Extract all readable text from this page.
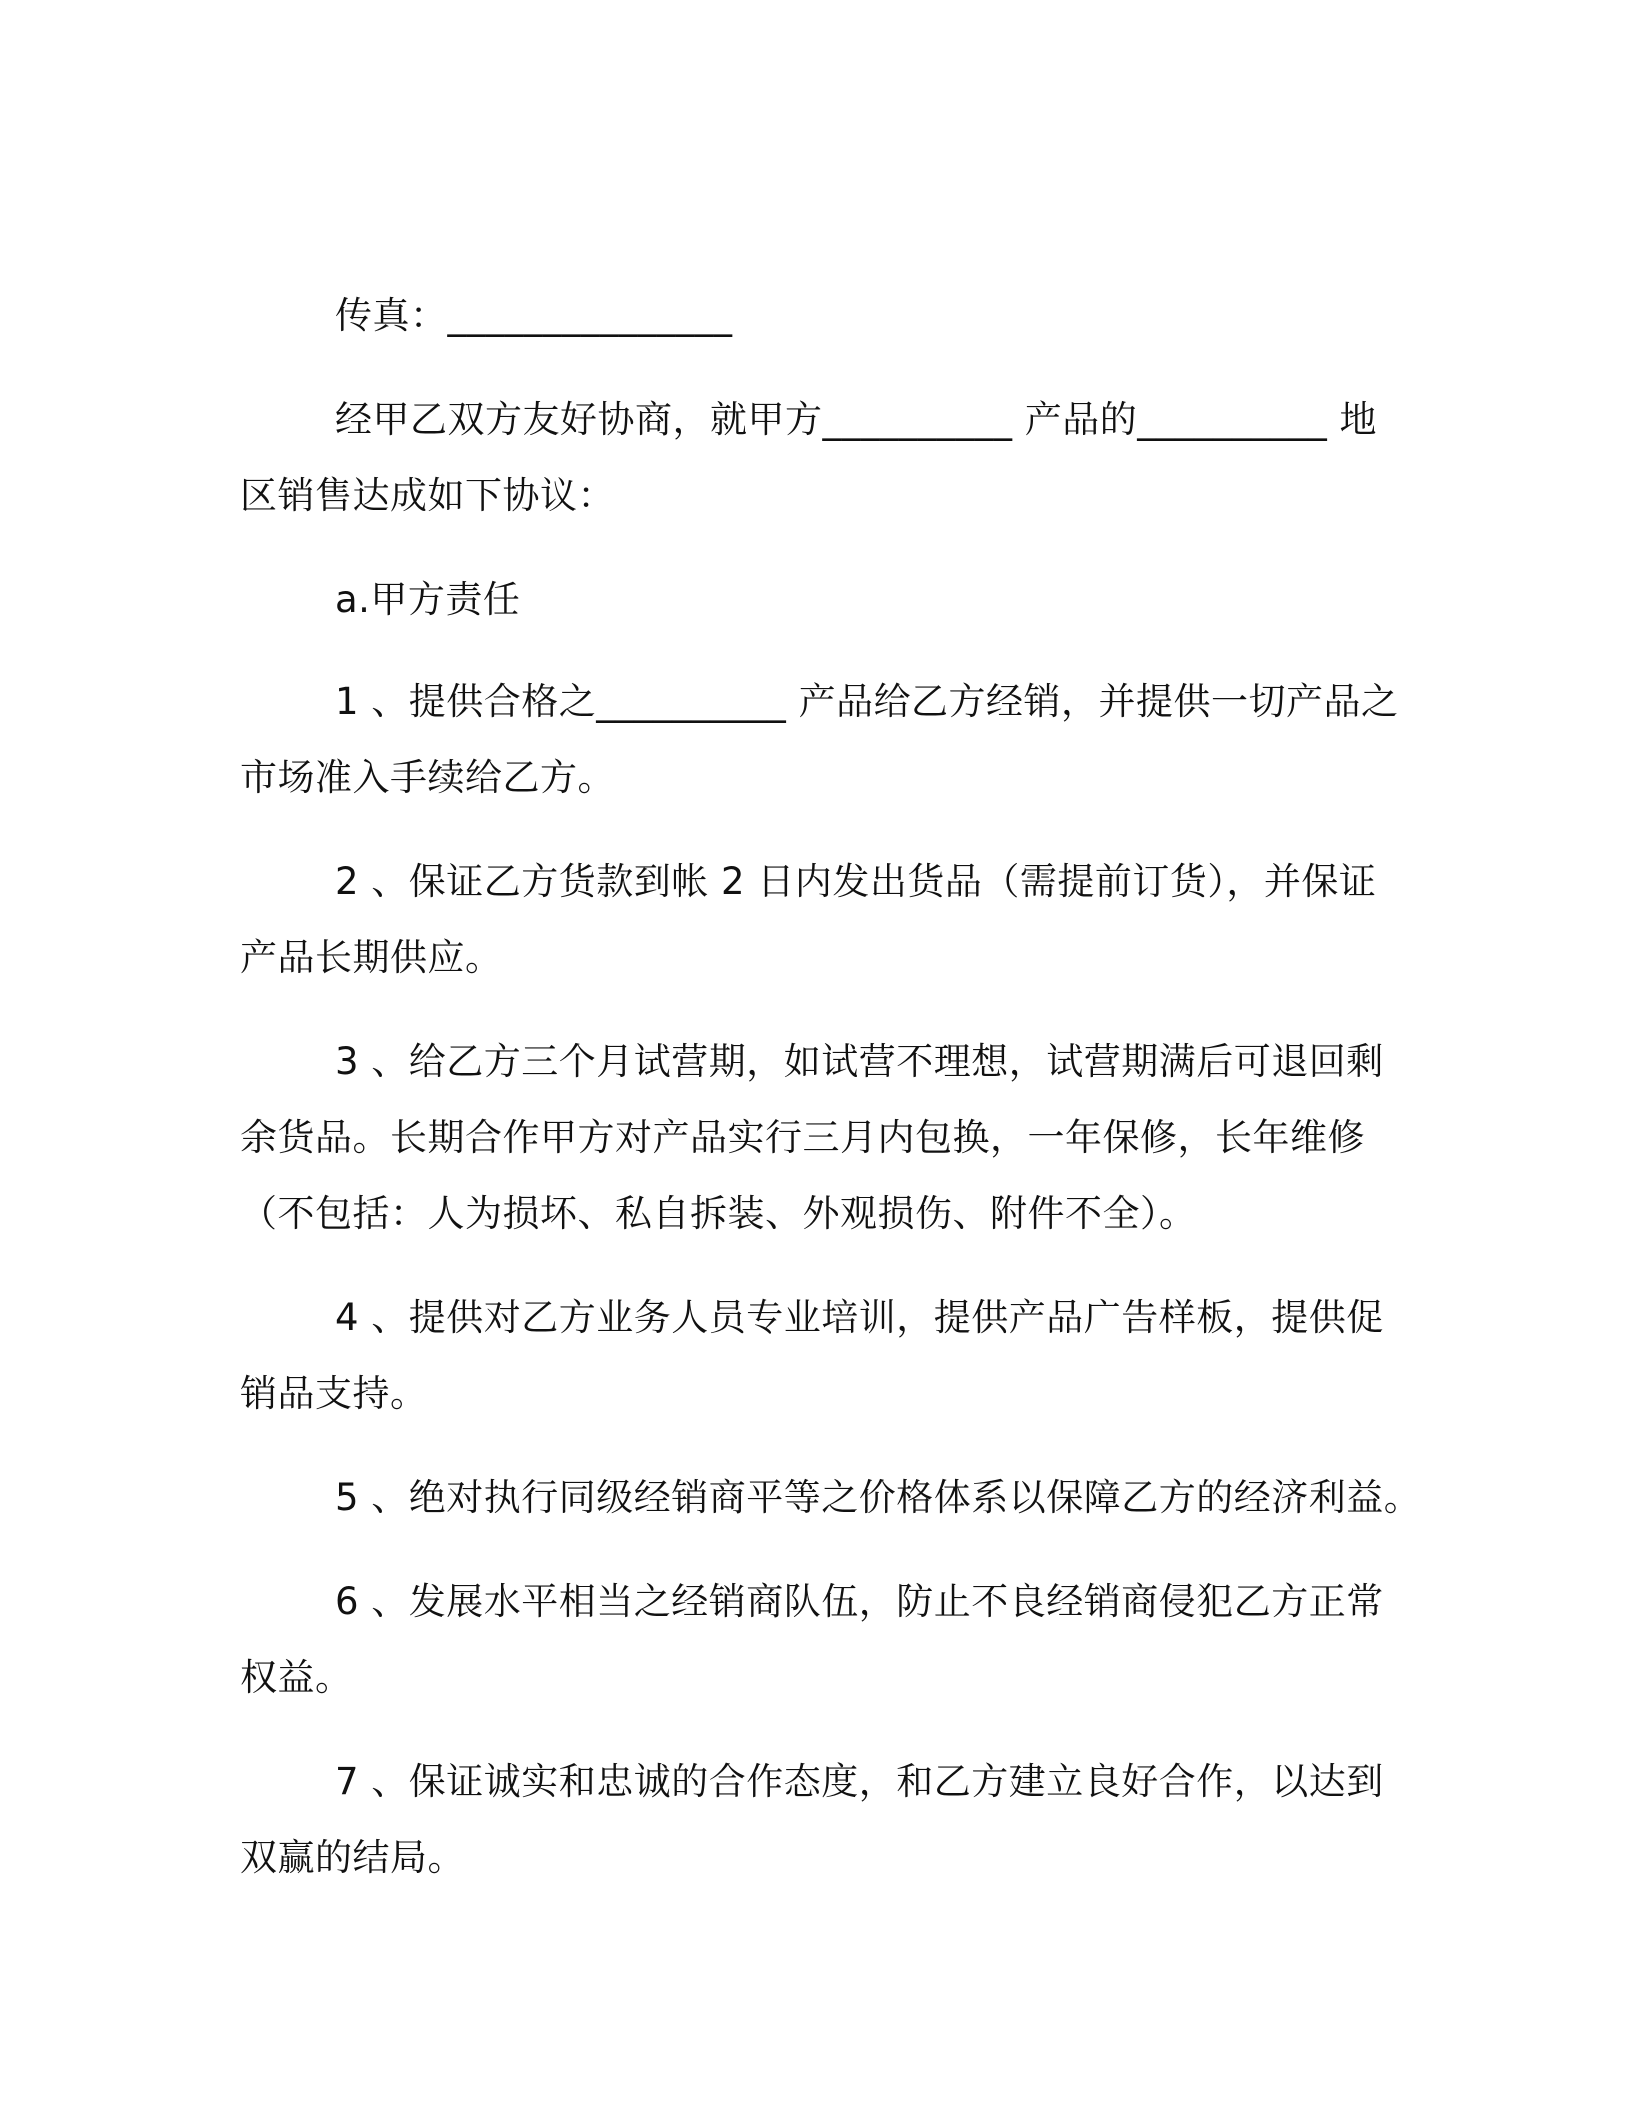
传真：_______________
经甲乙双方友好协商，就甲方__________ 产品的__________ 地
区销售达成如下协议：
a.甲方责任
1 、提供合格之__________ 产品给乙方经销，并提供一切产品之
市场准入手续给乙方。
2 、保证乙方货款到帐 2 日内发出货品（需提前订货），并保证
产品长期供应。
3 、给乙方三个月试营期，如试营不理想，试营期满后可退回剩
余货品。长期合作甲方对产品实行三月内包换，一年保修，长年维修
（不包括：人为损坏、私自拆装、外观损伤、附件不全）。
4 、提供对乙方业务人员专业培训，提供产品广告样板，提供促
销品支持。
5 、绝对执行同级经销商平等之价格体系以保障乙方的经济利益。
6 、发展水平相当之经销商队伍，防止不良经销商侵犯乙方正常
权益。
7 、保证诚实和忠诚的合作态度，和乙方建立良好合作，以达到
双赢的结局。
